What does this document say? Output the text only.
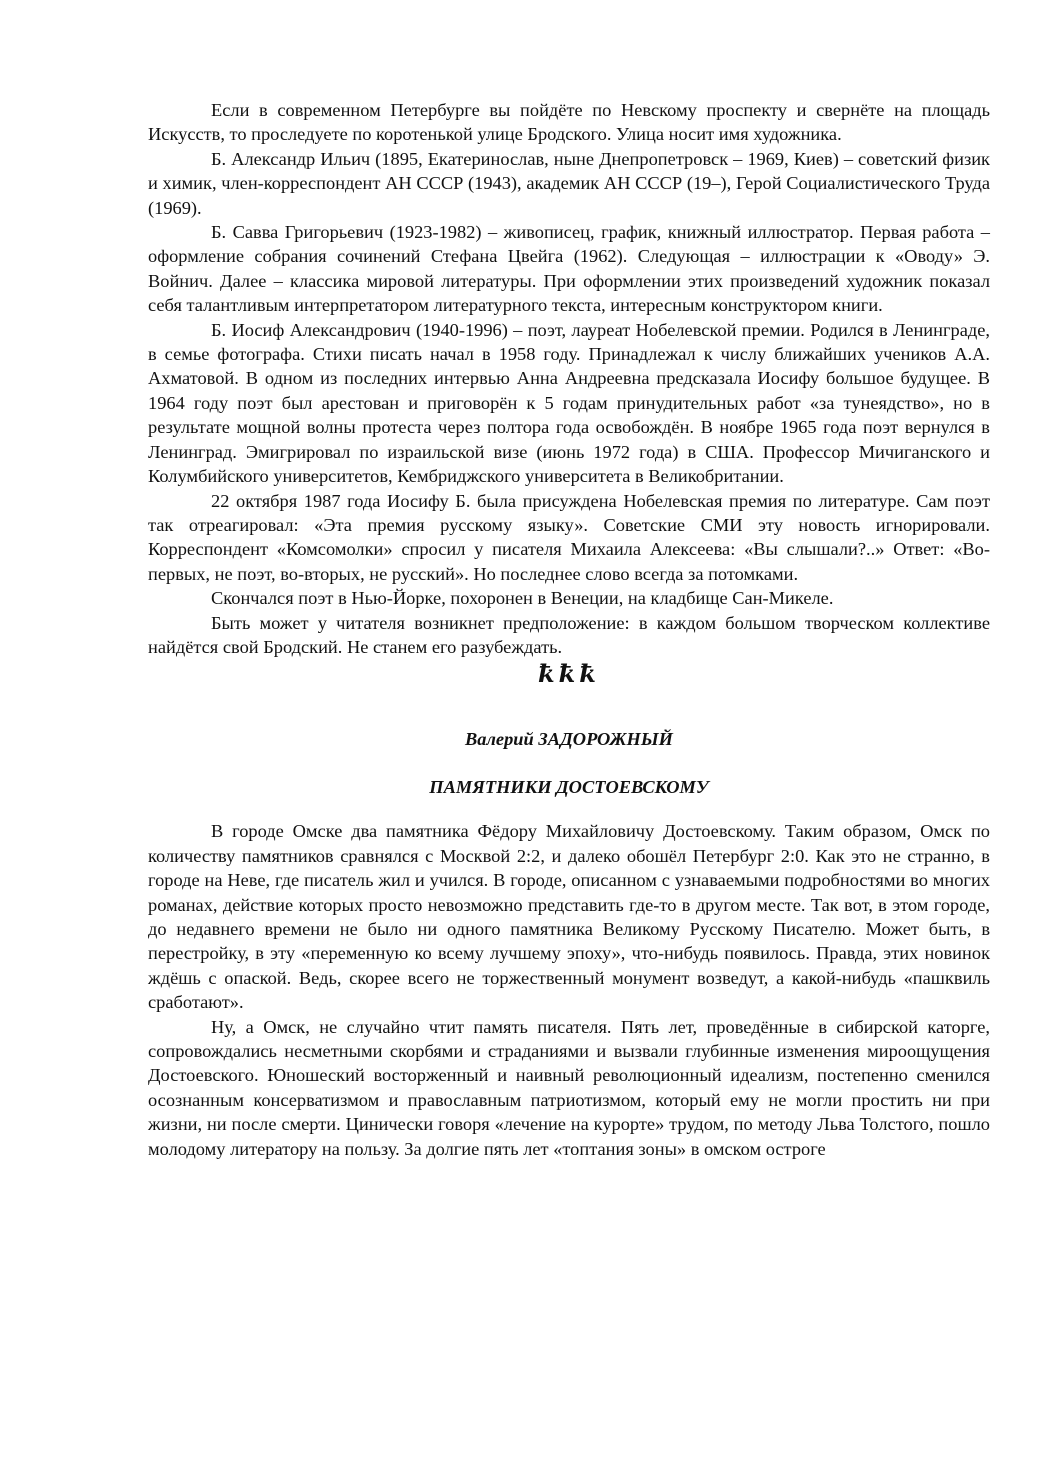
Если в современном Петербурге вы пойдёте по Невскому проспекту и свернёте на площадь Искусств, то проследуете по коротенькой улице Бродского. Улица носит имя художника.

Б. Александр Ильич (1895, Екатеринослав, ныне Днепропетровск – 1969, Киев) – советский физик и химик, член-корреспондент АН СССР (1943), академик АН СССР (19–), Герой Социалистического Труда (1969).

Б. Савва Григорьевич (1923-1982) – живописец, график, книжный иллюстратор. Первая работа – оформление собрания сочинений Стефана Цвейга (1962). Следующая – иллюстрации к «Оводу» Э. Войнич. Далее – классика мировой литературы. При оформлении этих произведений художник показал себя талантливым интерпретатором литературного текста, интересным конструктором книги.

Б. Иосиф Александрович (1940-1996) – поэт, лауреат Нобелевской премии. Родился в Ленинграде, в семье фотографа. Стихи писать начал в 1958 году. Принадлежал к числу ближайших учеников А.А. Ахматовой. В одном из последних интервью Анна Андреевна предсказала Иосифу большое будущее. В 1964 году поэт был арестован и приговорён к 5 годам принудительных работ «за тунеядство», но в результате мощной волны протеста через полтора года освобождён. В ноябре 1965 года поэт вернулся в Ленинград. Эмигрировал по израильской визе (июнь 1972 года) в США. Профессор Мичиганского и Колумбийского университетов, Кембриджского университета в Великобритании.

22 октября 1987 года Иосифу Б. была присуждена Нобелевская премия по литературе. Сам поэт так отреагировал: «Эта премия русскому языку». Советские СМИ эту новость игнорировали. Корреспондент «Комсомолки» спросил у писателя Михаила Алексеева: «Вы слышали?..» Ответ: «Во-первых, не поэт, во-вторых, не русский». Но последнее слово всегда за потомками.

Скончался поэт в Нью-Йорке, похоронен в Венеции, на кладбище Сан-Микеле.

Быть может у читателя возникнет предположение: в каждом большом творческом коллективе найдётся свой Бродский. Не станем его разубеждать.

ꝁꝁꝁ
Валерий ЗАДОРОЖНЫЙ
ПАМЯТНИКИ ДОСТОЕВСКОМУ

В городе Омске два памятника Фёдору Михайловичу Достоевскому. Таким образом, Омск по количеству памятников сравнялся с Москвой 2:2, и далеко обошёл Петербург 2:0. Как это не странно, в городе на Неве, где писатель жил и учился. В городе, описанном с узнаваемыми подробностями во многих романах, действие которых просто невозможно представить где-то в другом месте. Так вот, в этом городе, до недавнего времени не было ни одного памятника Великому Русскому Писателю. Может быть, в перестройку, в эту «переменную ко всему лучшему эпоху», что-нибудь появилось. Правда, этих новинок ждёшь с опаской. Ведь, скорее всего не торжественный монумент возведут, а какой-нибудь «пашквиль сработают».

Ну, а Омск, не случайно чтит память писателя. Пять лет, проведённые в сибирской каторге, сопровождались несметными скорбями и страданиями и вызвали глубинные изменения мироощущения Достоевского. Юношеский восторженный и наивный революционный идеализм, постепенно сменился осознанным консерватизмом и православным патриотизмом, который ему не могли простить ни при жизни, ни после смерти. Цинически говоря «лечение на курорте» трудом, по методу Льва Толстого, пошло молодому литератору на пользу. За долгие пять лет «топтания зоны» в омском остроге
